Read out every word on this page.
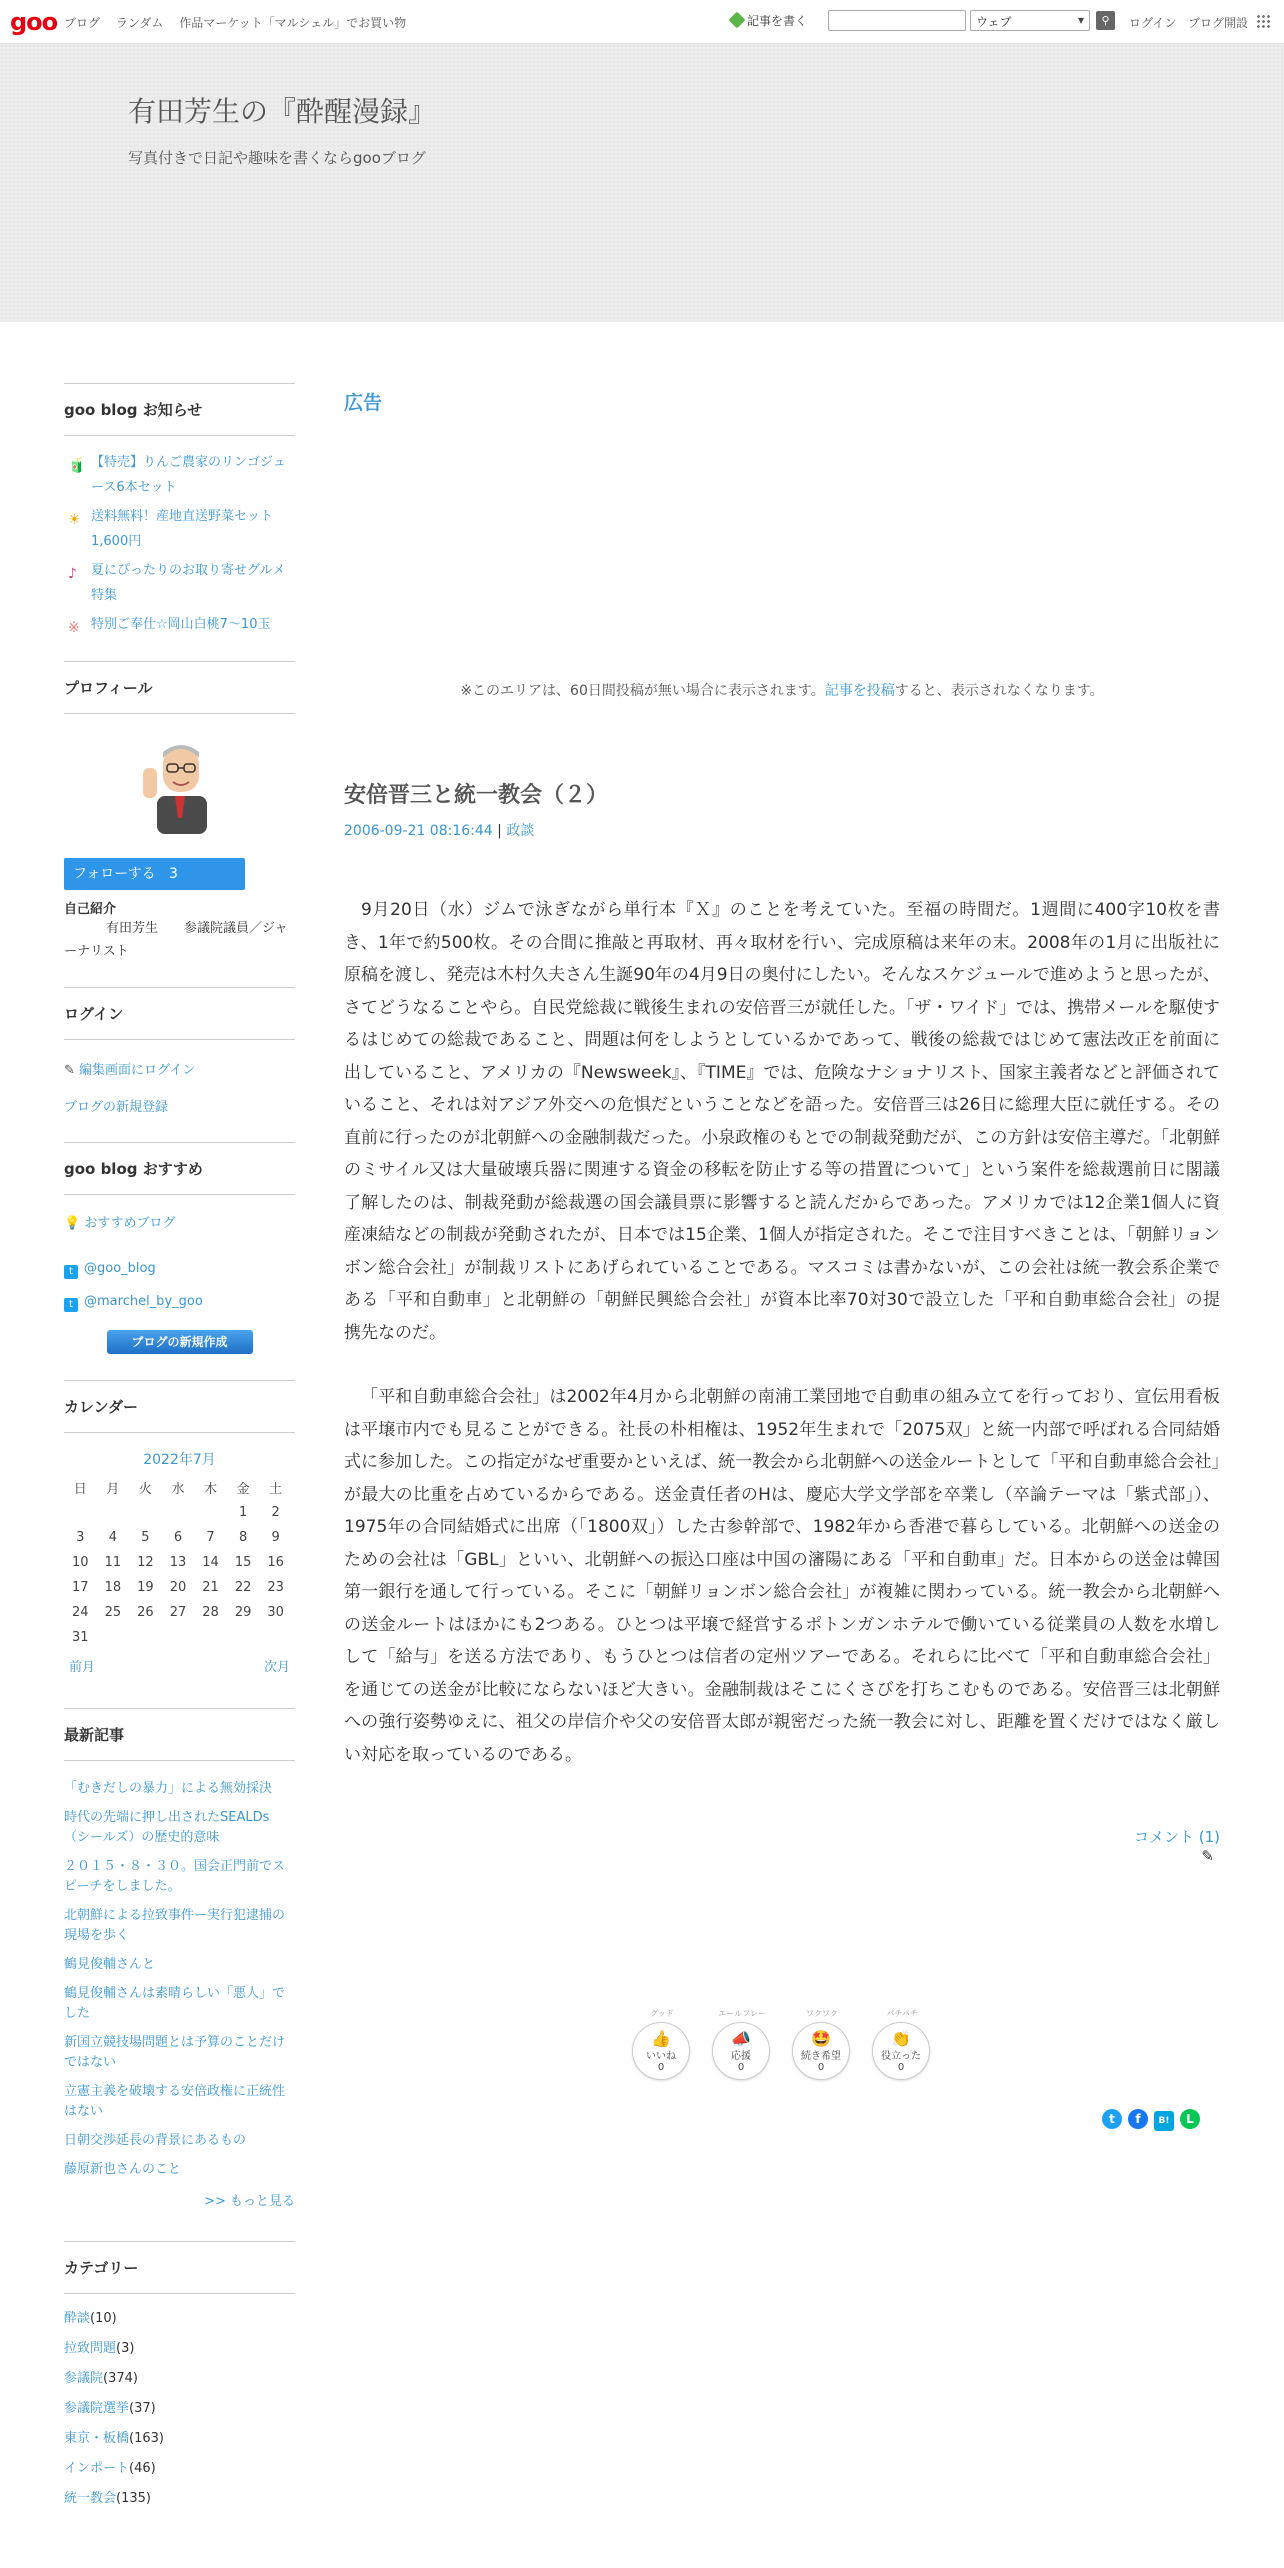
goo ブログ ランダム 作品マーケット「マルシェル」でお買い物	記事を書く	ウェブ ▾	⚲	ログイン ブログ開設
有田芳生の『酔醒漫録』
写真付きで日記や趣味を書くならgooブログ
goo blog お知らせ
🧃 【特売】りんご農家のリンゴジュース6本セット
☀ 送料無料！産地直送野菜セット1,600円
♪ 夏にぴったりのお取り寄せグルメ特集
※ 特別ご奉仕☆岡山白桃7〜10玉
プロフィール
フォローする 3
自己紹介
有田芳生　　参議院議員／ジャーナリスト
ログイン
✎ 編集画面にログイン
ブログの新規登録
goo blog おすすめ
💡 おすすめブログ
t @goo_blog
t @marchel_by_goo
ブログの新規作成
カレンダー
2022年7月
日	月	火	水	木	金	土
					1	2
3	4	5	6	7	8	9
10	11	12	13	14	15	16
17	18	19	20	21	22	23
24	25	26	27	28	29	30
31						
前月	次月
最新記事
「むきだしの暴力」による無効採決
時代の先端に押し出されたSEALDs（シールズ）の歴史的意味
２０１５・８・３０。国会正門前でスピーチをしました。
北朝鮮による拉致事件ー実行犯逮捕の現場を歩く
鶴見俊輔さんと
鶴見俊輔さんは素晴らしい「悪人」でした
新国立競技場問題とは予算のことだけではない
立憲主義を破壊する安倍政権に正統性はない
日朝交渉延長の背景にあるもの
藤原新也さんのこと
>> もっと見る
カテゴリー
酔談(10)
拉致問題(3)
参議院(374)
参議院選挙(37)
東京・板橋(163)
インポート(46)
統一教会(135)
広告
※このエリアは、60日間投稿が無い場合に表示されます。記事を投稿すると、表示されなくなります。
安倍晋三と統一教会（２）
2006-09-21 08:16:44 | 政談

9月20日（水）ジムで泳ぎながら単行本『Ｘ』のことを考えていた。至福の時間だ。1週間に400字10枚を書き、1年で約500枚。その合間に推敲と再取材、再々取材を行い、完成原稿は来年の末。2008年の1月に出版社に原稿を渡し、発売は木村久夫さん生誕90年の4月9日の奥付にしたい。そんなスケジュールで進めようと思ったが、さてどうなることやら。自民党総裁に戦後生まれの安倍晋三が就任した。「ザ・ワイド」では、携帯メールを駆使するはじめての総裁であること、問題は何をしようとしているかであって、戦後の総裁ではじめて憲法改正を前面に出していること、アメリカの『Newsweek』、『TIME』では、危険なナショナリスト、国家主義者などと評価されていること、それは対アジア外交への危惧だということなどを語った。安倍晋三は26日に総理大臣に就任する。その直前に行ったのが北朝鮮への金融制裁だった。小泉政権のもとでの制裁発動だが、この方針は安倍主導だ。「北朝鮮のミサイル又は大量破壊兵器に関連する資金の移転を防止する等の措置について」という案件を総裁選前日に閣議了解したのは、制裁発動が総裁選の国会議員票に影響すると読んだからであった。アメリカでは12企業1個人に資産凍結などの制裁が発動されたが、日本では15企業、1個人が指定された。そこで注目すべきことは、「朝鮮リョンボン総合会社」が制裁リストにあげられていることである。マスコミは書かないが、この会社は統一教会系企業である「平和自動車」と北朝鮮の「朝鮮民興総合会社」が資本比率70対30で設立した「平和自動車総合会社」の提携先なのだ。

「平和自動車総合会社」は2002年4月から北朝鮮の南浦工業団地で自動車の組み立てを行っており、宣伝用看板は平壌市内でも見ることができる。社長の朴相権は、1952年生まれで「2075双」と統一内部で呼ばれる合同結婚式に参加した。この指定がなぜ重要かといえば、統一教会から北朝鮮への送金ルートとして「平和自動車総合会社」が最大の比重を占めているからである。送金責任者のHは、慶応大学文学部を卒業し（卒論テーマは「紫式部」）、1975年の合同結婚式に出席（「1800双」）した古参幹部で、1982年から香港で暮らしている。北朝鮮への送金のための会社は「GBL」といい、北朝鮮への振込口座は中国の瀋陽にある「平和自動車」だ。日本からの送金は韓国第一銀行を通して行っている。そこに「朝鮮リョンボン総合会社」が複雑に関わっている。統一教会から北朝鮮への送金ルートはほかにも2つある。ひとつは平壌で経営するポトンガンホテルで働いている従業員の人数を水増しして「給与」を送る方法であり、もうひとつは信者の定州ツアーである。それらに比べて「平和自動車総合会社」を通じての送金が比較にならないほど大きい。金融制裁はそこにくさびを打ちこむものである。安倍晋三は北朝鮮への強行姿勢ゆえに、祖父の岸信介や父の安倍晋太郎が親密だった統一教会に対し、距離を置くだけではなく厳しい対応を取っているのである。

コメント (1)
✎
グッド
👍
いいね
0
エールフレー
📣
応援
0
ワクワク
🤩
続き希望
0
パチパチ
👏
役立った
0
t f B! L
